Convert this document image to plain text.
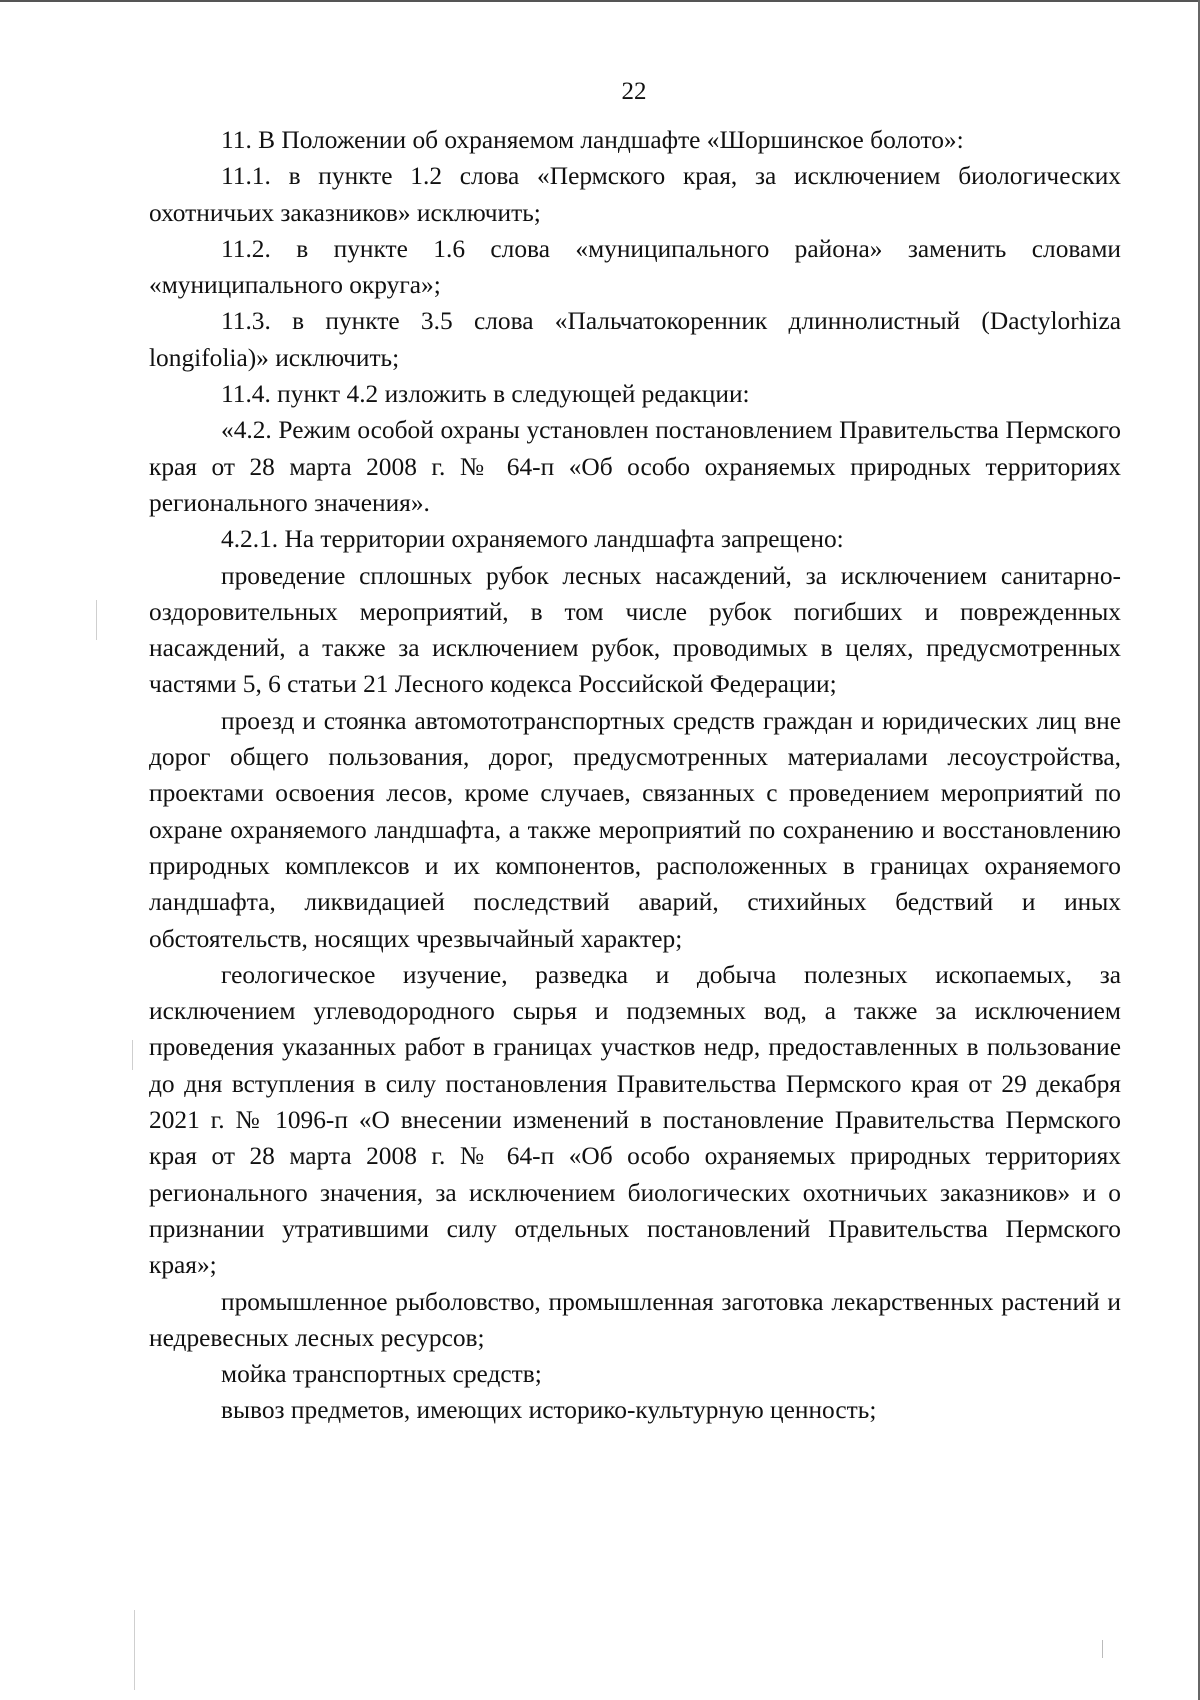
22

11. В Положении об охраняемом ландшафте «Шоршинское болото»:

11.1. в пункте 1.2 слова «Пермского края, за исключением биологических охотничьих заказников» исключить;

11.2. в пункте 1.6 слова «муниципального района» заменить словами «муниципального округа»;

11.3. в пункте 3.5 слова «Пальчатокоренник длиннолистный (Dactylorhiza longifolia)» исключить;

11.4. пункт 4.2 изложить в следующей редакции:

«4.2. Режим особой охраны установлен постановлением Правительства Пермского края от 28 марта 2008 г. № 64-п «Об особо охраняемых природных территориях регионального значения».

4.2.1. На территории охраняемого ландшафта запрещено:

проведение сплошных рубок лесных насаждений, за исключением санитарно-оздоровительных мероприятий, в том числе рубок погибших и поврежденных насаждений, а также за исключением рубок, проводимых в целях, предусмотренных частями 5, 6 статьи 21 Лесного кодекса Российской Федерации;

проезд и стоянка автомототранспортных средств граждан и юридических лиц вне дорог общего пользования, дорог, предусмотренных материалами лесоустройства, проектами освоения лесов, кроме случаев, связанных с проведением мероприятий по охране охраняемого ландшафта, а также мероприятий по сохранению и восстановлению природных комплексов и их компонентов, расположенных в границах охраняемого ландшафта, ликвидацией последствий аварий, стихийных бедствий и иных обстоятельств, носящих чрезвычайный характер;

геологическое изучение, разведка и добыча полезных ископаемых, за исключением углеводородного сырья и подземных вод, а также за исключением проведения указанных работ в границах участков недр, предоставленных в пользование до дня вступления в силу постановления Правительства Пермского края от 29 декабря 2021 г. № 1096-п «О внесении изменений в постановление Правительства Пермского края от 28 марта 2008 г. № 64-п «Об особо охраняемых природных территориях регионального значения, за исключением биологических охотничьих заказников» и о признании утратившими силу отдельных постановлений Правительства Пермского края»;

промышленное рыболовство, промышленная заготовка лекарственных растений и недревесных лесных ресурсов;

мойка транспортных средств;

вывоз предметов, имеющих историко-культурную ценность;
